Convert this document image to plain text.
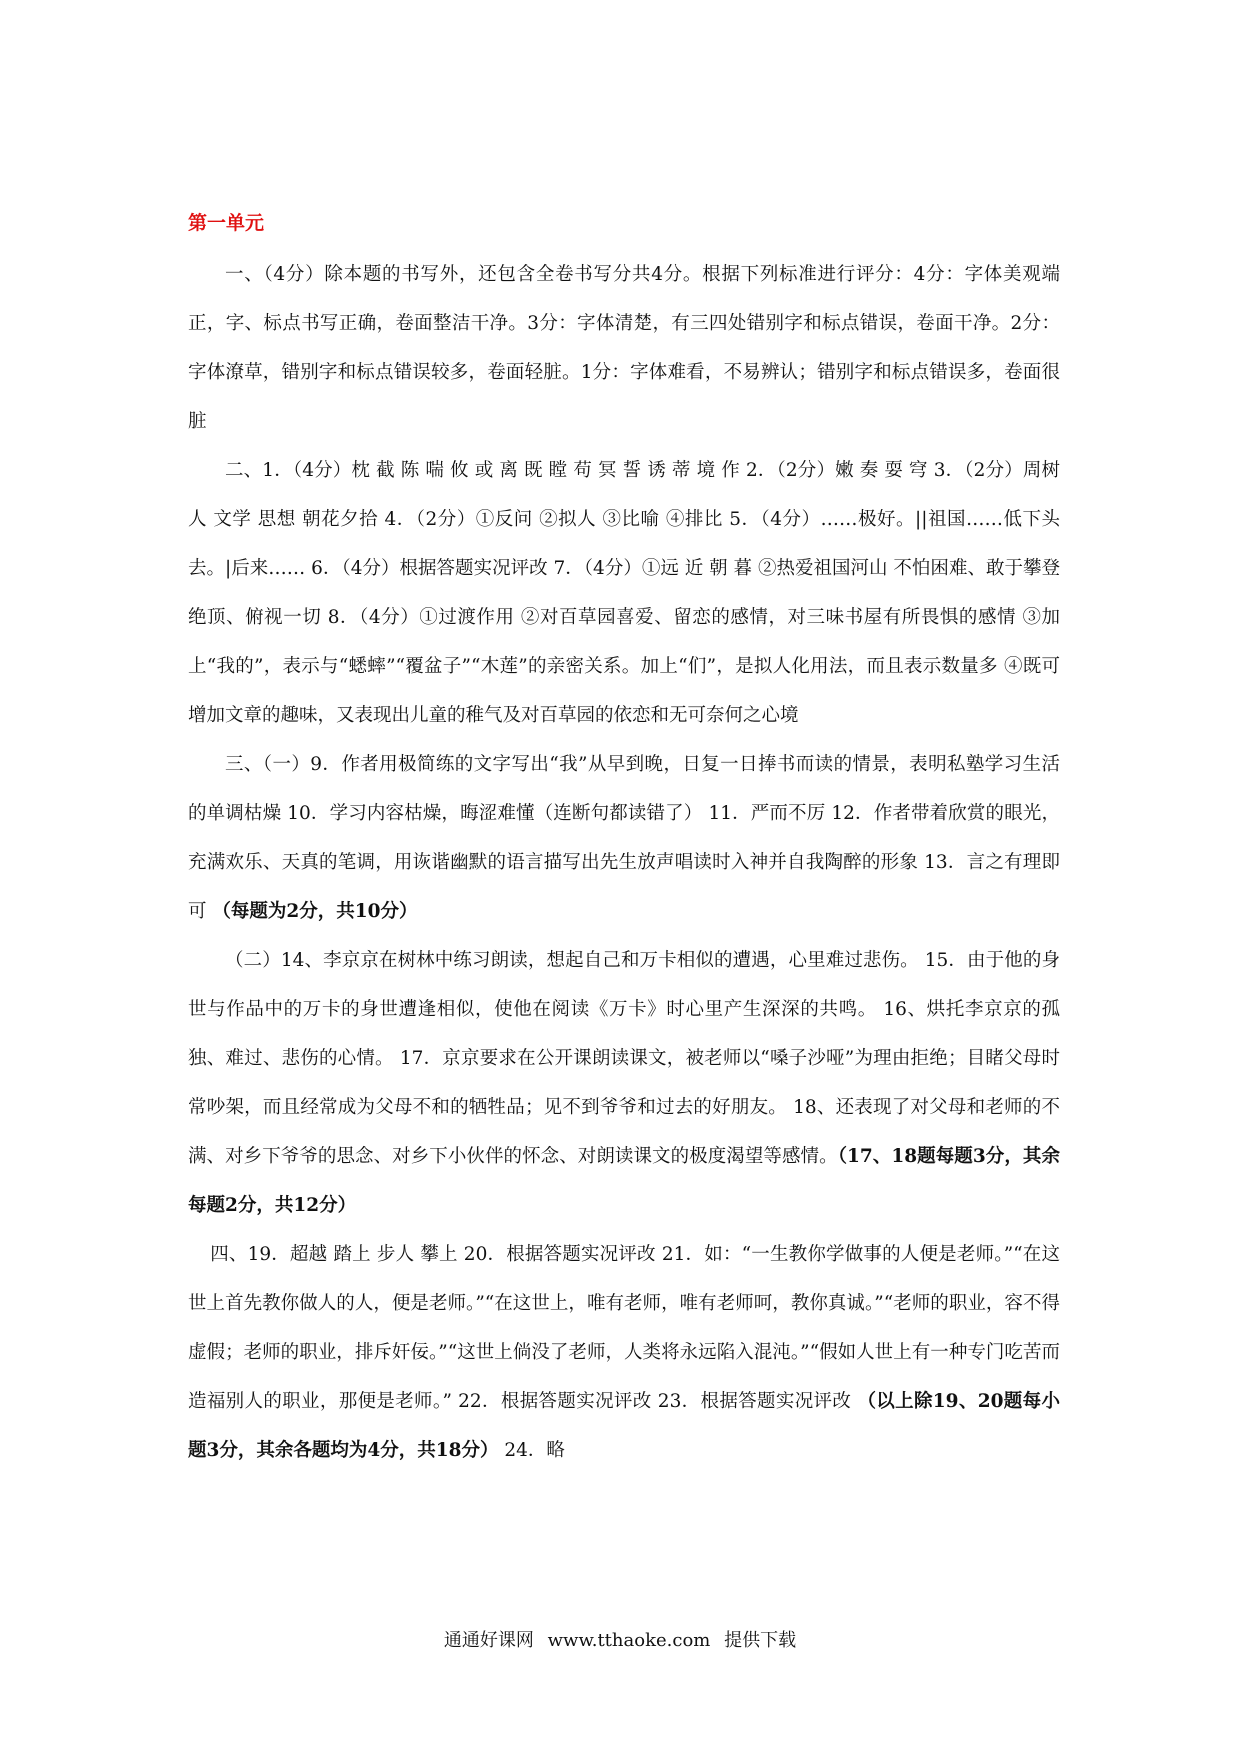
第一单元

一、（4分）除本题的书写外，还包含全卷书写分共4分。根据下列标准进行评分：4分：字体美观端正，字、标点书写正确，卷面整洁干净。3分：字体清楚，有三四处错别字和标点错误，卷面干净。2分：字体潦草，错别字和标点错误较多，卷面轻脏。1分：字体难看，不易辨认；错别字和标点错误多，卷面很脏

二、1．（4分）枕 截 陈 喘 攸 或 离 既 瞠 苟 冥 誓 诱 蒂 境 作 2．（2分）嫩 奏 耍 穹 3．（2分）周树人 文学 思想 朝花夕拾 4．（2分）①反问 ②拟人 ③比喻 ④排比 5．（4分）……极好。||祖国……低下头去。|后来…… 6．（4分）根据答题实况评改 7．（4分）①远 近 朝 暮 ②热爱祖国河山 不怕困难、敢于攀登绝顶、俯视一切 8．（4分）①过渡作用 ②对百草园喜爱、留恋的感情，对三味书屋有所畏惧的感情 ③加上“我的”，表示与“蟋蟀”“覆盆子”“木莲”的亲密关系。加上“们”，是拟人化用法，而且表示数量多 ④既可增加文章的趣味，又表现出儿童的稚气及对百草园的依恋和无可奈何之心境

三、（一）9．作者用极简练的文字写出“我”从早到晚，日复一日捧书而读的情景，表明私塾学习生活的单调枯燥 10．学习内容枯燥，晦涩难懂（连断句都读错了） 11．严而不厉 12．作者带着欣赏的眼光，充满欢乐、天真的笔调，用诙谐幽默的语言描写出先生放声唱读时入神并自我陶醉的形象 13．言之有理即可 （每题为2分，共10分）

（二）14、李京京在树林中练习朗读，想起自己和万卡相似的遭遇，心里难过悲伤。 15．由于他的身世与作品中的万卡的身世遭逢相似，使他在阅读《万卡》时心里产生深深的共鸣。 16、烘托李京京的孤独、难过、悲伤的心情。 17．京京要求在公开课朗读课文，被老师以“嗓子沙哑”为理由拒绝；目睹父母时常吵架，而且经常成为父母不和的牺牲品；见不到爷爷和过去的好朋友。 18、还表现了对父母和老师的不满、对乡下爷爷的思念、对乡下小伙伴的怀念、对朗读课文的极度渴望等感情。（17、18题每题3分，其余每题2分，共12分）

四、19．超越 踏上 步人 攀上 20．根据答题实况评改 21．如：“一生教你学做事的人便是老师。”“在这世上首先教你做人的人，便是老师。”“在这世上，唯有老师，唯有老师呵，教你真诚。”“老师的职业，容不得虚假；老师的职业，排斥奸佞。”“这世上倘没了老师，人类将永远陷入混沌。”“假如人世上有一种专门吃苦而造福别人的职业，那便是老师。” 22．根据答题实况评改 23．根据答题实况评改 （以上除19、20题每小题3分，其余各题均为4分，共18分） 24．略

通通好课网 www.tthaoke.com 提供下载
